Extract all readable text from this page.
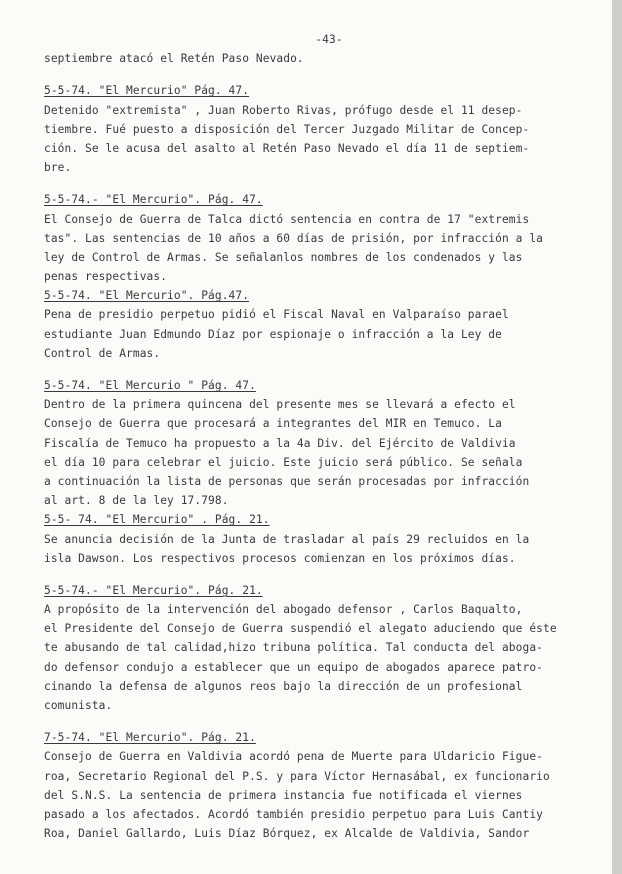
-43-
septiembre atacó el Retén Paso Nevado.
5-5-74. "El Mercurio" Pág. 47.
Detenido "extremista" , Juan Roberto Rivas, prófugo desde el 11 desep-
tiembre. Fué puesto a disposición del Tercer Juzgado Militar de Concep-
ción. Se le acusa del asalto al Retén Paso Nevado el día 11 de septiem-
bre.
5-5-74.- "El Mercurio". Pág. 47.
El Consejo de Guerra de Talca dictó sentencia en contra de 17 "extremis
tas". Las sentencias de 10 años a 60 días de prisión, por infracción a la
ley de Control de Armas. Se señalanlos nombres de los condenados y las
penas respectivas.
5-5-74. "El Mercurio". Pág.47.
Pena de presidio perpetuo pidió el Fiscal Naval en Valparaíso parael
estudiante Juan Edmundo Díaz por espionaje o infracción a la Ley de
Control de Armas.
5-5-74. "El Mercurio " Pág. 47.
Dentro de la primera quincena del presente mes se llevará a efecto el
Consejo de Guerra que procesará a integrantes del MIR en Temuco. La
Fiscalía de Temuco ha propuesto a la 4a Div. del Ejército de Valdivia
el día 10 para celebrar el juicio. Este juicio será público. Se señala
a continuación la lista de personas que serán procesadas por infracción
al art. 8 de la ley 17.798.
5-5- 74. "El Mercurio" . Pág. 21.
Se anuncia decisión de la Junta de trasladar al país 29 recluidos en la
isla Dawson. Los respectivos procesos comienzan en los próximos días.
5-5-74.- "El Mercurio". Pág. 21.
A propósito de la intervención del abogado defensor , Carlos Baqualto,
el Presidente del Consejo de Guerra suspendió el alegato aduciendo que éste
te abusando de tal calidad,hizo tribuna política. Tal conducta del aboga-
do defensor condujo a establecer que un equipo de abogados aparece patro-
cinando la defensa de algunos reos bajo la dirección de un profesional
comunista.
7-5-74. "El Mercurio". Pág. 21.
Consejo de Guerra en Valdivia acordó pena de Muerte para Uldaricio Figue-
roa, Secretario Regional del P.S. y para Víctor Hernasábal, ex funcionario
del S.N.S. La sentencia de primera instancia fue notificada el viernes
pasado a los afectados. Acordó también presidio perpetuo para Luis Cantiy
Roa, Daniel Gallardo, Luis Díaz Bórquez, ex Alcalde de Valdivia, Sandor
